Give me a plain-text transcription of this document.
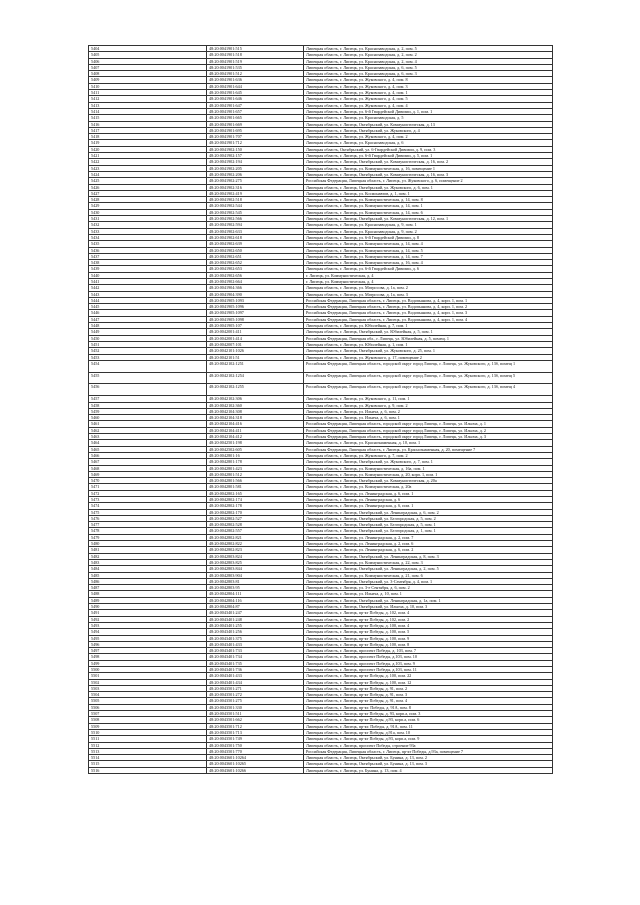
5404	48:20:0041901:515	Липецкая область, г. Липецк, ул. Краснозаводская, д. 2, пом. 5
5405	48:20:0041901:518	Липецкая область, г. Липецк, ул. Краснозаводская, д. 2, пом. 2
5406	48:20:0041901:519	Липецкая область, г. Липецк, ул. Краснозаводская, д. 2, пом. 4
5407	48:20:0041901:535	Липецкая область, г. Липецк, ул. Краснозаводская, д. 6, пом. 5
5408	48:20:0041901:512	Липецкая область, г. Липецк, ул. Краснозаводская, д. 6, пом. 3
5409	48:20:0041901:636	Липецкая область, г. Липецк, ул. Жуковского, д. 4, пом. 8
5410	48:20:0041901:644	Липецкая область, г. Липецк, ул. Жуковского, д. 4, пом. 3
5411	48:20:0041901:645	Липецкая область, г. Липецк, ул. Жуковского, д. 4, пом. 1
5412	48:20:0041901:646	Липецкая область, г. Липецк, ул. Жуковского, д. 4, пом. 5
5413	48:20:0041901:647	Липецкая область, г. Липецк, ул. Жуковского, д. 4, пом. 4
5414	48:20:0041901:657	Липецкая область, г. Липецк, ул. 6-й Гвардейской Дивизии, д. 1, пом. 1
5415	48:20:0041901:665	Липецкая область, г. Липецк, ул. Краснозаводская, д. 5
5416	48:20:0041901:669	Липецкая область, г. Липецк, Октябрьский, ул. Коммунистическая, д. 13
5417	48:20:0041901:695	Липецкая область, г. Липецк, Октябрьский, ул. Жуковского, д. 4
5418	48:20:0041901:707	Липецкая область, г. Липецк, ул. Жуковского, д. 4, пом. 2
5419	48:20:0041901:712	Липецкая область, г. Липецк, ул. Краснозаводская, д. 6
5420	48:20:0041902:150	Липецкая область, Октябрьский, ул. 6-Гвардейской Дивизии, д. 9, пом. 3
5421	48:20:0041902:157	Липецкая область, г. Липецк, ул. 6-й Гвардейской Дивизии, д. 5, пом. 1
5422	48:20:0041902:194	Липецкая область, г. Липецк, Октябрьский, ул. Коммунистическая, д. 16, пом. 2
5423	48:20:0041902:205	Липецкая область, г. Липецк, ул. Коммунистическая, д. 16, помещение 1
5424	48:20:0041902:206	Липецкая область, г. Липецк, Октябрьский, ул. Коммунистическая, д. 16, пом. 3
5425	48:20:0041902:275	Российская Федерация, Липецкая область, г. Липецк, ул. Жуковского, д. 6, помещение 2
5426	48:20:0041902:316	Липецкая область, г. Липецк, Октябрьский, ул. Жуковского, д. 6, пом. 1
5427	48:20:0041902:419	Липецкая область, г. Липецк, ул. Космонавтов, д. 1, пом. 1
5428	48:20:0041902:518	Липецкая область, г. Липецк, ул. Коммунистическая, д. 14, пом. 8
5429	48:20:0041902:544	Липецкая область, г. Липецк, ул. Коммунистическая, д. 14, пом. 1
5430	48:20:0041902:545	Липецкая область, г. Липецк, ул. Коммунистическая, д. 14, пом. 6
5431	48:20:0041902:566	Липецкая область, г. Липецк, Октябрьский, ул. Коммунистическая, д. 12, пом. 1
5432	48:20:0041902:594	Липецкая область, г. Липецк, ул. Краснозаводская, д. 9, пом. 1
5433	48:20:0041902:633	Липецкая область, г. Липецк, ул. Краснозаводская, д. 9, пом. 2
5434	48:20:0041902:618	Липецкая область, г. Липецк, ул. 6-й Гвардейской Дивизии, д. 8
5435	48:20:0041902:639	Липецкая область, г. Липецк, ул. Коммунистическая, д. 14, пом. 4
5436	48:20:0041902:650	Липецкая область, г. Липецк, ул. Коммунистическая, д. 14, пом. 5
5437	48:20:0041902:651	Липецкая область, г. Липецк, ул. Коммунистическая, д. 14, пом. 7
5438	48:20:0041902:652	Липецкая область, г. Липецк, ул. Коммунистическая, д. 16, пом. 4
5439	48:20:0041902:653	Липецкая область, г. Липецк, ул. 6-й Гвардейской Дивизии, д. 6
5440	48:20:0041902:656	г. Липецк, ул. Коммунистическая, д. 4
5441	48:20:0041902:664	г. Липецк, ул. Коммунистическая, д. 4
5442	48:20:0041904:366	Липецкая область, г. Липецк, ул. Матросова, д. 1a, пом. 2
5443	48:20:0041904:390	Липецкая область, г. Липецк, ул. Матросова, д. 1a, пом. 3
5444	48:20:0041905:1093	Российская Федерация, Липецкая область, г. Липецк, ул. Водопьянова, д. 4, корп. 1, пом. 1
5445	48:20:0041905:1096	Российская Федерация, Липецкая область, г. Липецк, ул. Водопьянова, д. 4, корп. 1, пом. 2
5446	48:20:0041905:1097	Российская Федерация, Липецкая область, г. Липецк, ул. Водопьянова, д. 4, корп. 1, пом. 3
5447	48:20:0041905:1098	Российская Федерация, Липецкая область, г. Липецк, ул. Водопьянова, д. 4, корп. 1, пом. 4
5448	48:20:0041905:107	Липецкая область, г. Липецк, ул. Юбилейная, д. 7, пом. 1
5449	48:20:0042001:411	Липецкая область, г. Липецк, Октябрьский, ул. Юбилейная, д. 5, пом. 1
5450	48:20:0042001:414	Российская Федерация, Липецкая обл., г. Липецк, ул. Юбилейная, д. 5, помещ. 1
5451	48:20:0042007:101	Липецкая область, г. Липецк, ул. Юбилейная, д. 1, пом. 1
5452	48:20:0042101:1026	Липецкая область, г. Липецк, Октябрьский, ул. Жуковского, д. 25, пом. 1
5453	48:20:0042101:51	Липецкая область, г. Липецк, ул. Жуковского, д. 17, помещение 2
5454	48:20:0042102:1251	Российская Федерация, Липецкая область, городской округ город Липецк, г. Липецк, ул. Жуковского, д. 13б, помещ 1
5455	48:20:0042102:1254	Российская Федерация, Липецкая область, городской округ город Липецк, г. Липецк, ул. Жуковского, д. 13б, помещ 5
5456	48:20:0042102:1255	Российская Федерация, Липецкая область, городской округ город Липецк, г. Липецк, ул. Жуковского, д. 13б, помещ 4
5457	48:20:0042102:306	Липецкая область, г. Липецк, ул. Жуковского, д. 11, пом. 1
5458	48:20:0042102:360	Липецкая область, г. Липецк, ул. Жуковского, д. 9, пом. 2
5459	48:20:0042104:308	Липецкая область, г. Липецк, ул. Ильича, д. 6, пом. 2
5460	48:20:0042104:318	Липецкая область, г. Липецк, ул. Ильича, д. 6, пом. 1
5461	48:20:0042104:416	Российская Федерация, Липецкая область, городской округ город Липецк, г. Липецк, ул. Ильича, д. 1
5462	48:20:0042104:411	Российская Федерация, Липецкая область, городской округ город Липецк, г. Липецк, ул. Ильича, д. 2
5463	48:20:0042104:412	Российская Федерация, Липецкая область, городской округ город Липецк, г. Липецк, ул. Ильича, д. 3
5464	48:20:0042501:198	Липецкая область, г. Липецк, ул. Краснознаменная, д. 10, пом. 1
5465	48:20:0042502:605	Российская Федерация, Липецкая область, г. Липецк, ул. Краснознаменная, д. 20, помещение 7
5466	48:20:0042801:16	Липецкая область, г. Липецк, ул. Жуковского, д. 7, пом. 2
5467	48:20:0042801:178	Липецкая область, г. Липецк, Октябрьский, ул. Жуковского, д. 7, пом. 1
5468	48:20:0042801:423	Липецкая область, г. Липецк, ул. Коммунистическая, д. 16a, пом. 1
5469	48:20:0042801:512	Липецкая область, г. Липецк, ул. Коммунистическая, д. 20, корп. 1, пом. 1
5470	48:20:0042801:566	Липецкая область, г. Липецк, Октябрьский, ул. Коммунистическая, д. 20a
5471	48:20:0042801:581	Липецкая область, г. Липецк, ул. Коммунистическая, д. 20a
5472	48:20:0042802:165	Липецкая область, г. Липецк, ул. Ленинградская, д. 6, пом. 1
5473	48:20:0042802:174	Липецкая область, г. Липецк, ул. Ленинградская, д. 6
5474	48:20:0042802:178	Липецкая область, г. Липецк, ул. Ленинградская, д. 6, пом. 1
5475	48:20:0042802:170	Липецкая область, г. Липецк, Октябрьский, ул. Ленинградская, д. 6, пом. 2
5476	48:20:0042802:527	Липецкая область, г. Липецк, Октябрьский, ул. Белгородская, д. 5, пом. 2
5477	48:20:0042802:528	Липецкая область, г. Липецк, Октябрьский, ул. Белгородская, д. 5, пом. 1
5478	48:20:0042802:557	Липецкая область, г. Липецк, Октябрьский, ул. Белгородская, д. 1, пом. 1
5479	48:20:0042802:821	Липецкая область, г. Липецк, ул. Ленинградская, д. 2, пом. 7
5480	48:20:0042802:822	Липецкая область, г. Липецк, ул. Ленинградская, д. 2, пом. 6
5481	48:20:0042802:823	Липецкая область, г. Липецк, ул. Ленинградская, д. 6, пом. 2
5482	48:20:0042803:824	Липецкая область, г. Липецк, Октябрьский, ул. Ленинградская, д. 8, пом. 3
5483	48:20:0042803:825	Липецкая область, г. Липецк, ул. Коммунистическая, д. 22, пом. 3
5484	48:20:0042803:844	Липецкая область, г. Липецк, Октябрьский, ул. Ленинградская, д. 2, пом. 5
5485	48:20:0042803:904	Липецкая область, г. Липецк, ул. Коммунистическая, д. 21, пом. 6
5486	48:20:0042803:81	Липецкая область, г. Липецк, Октябрьский, ул. 3-Сентября, д. 4, пом. 1
5487	48:20:0042803:95	Липецкая область, г. Липецк, ул. 3-е Сентября, д. 6, пом. 2
5488	48:20:0042804:111	Липецкая область, г. Липецк, ул. Ильича, д. 10, пом. 1
5489	48:20:0042804:116	Липецкая область, г. Липецк, Октябрьский, ул. Ленинградская, д. 1a, пом. 1
5490	48:20:0042804:87	Липецкая область, г. Липецк, Октябрьский, ул. Ильича, д. 10, пом. 3
5491	48:20:0043401:247	Липецкая область, г. Липецк, пр-кт Победы, д. 102, пом. 4
5492	48:20:0043401:248	Липецкая область, г. Липецк, пр-кт Победы, д. 102, пом. 2
5493	48:20:0043401:255	Липецкая область, г. Липецк, пр-кт Победы, д. 100, пом. 4
5494	48:20:0043401:256	Липецкая область, г. Липецк, пр-кт Победы, д. 100, пом. 5
5495	48:20:0043401:375	Липецкая область, г. Липецк, пр-кт Победы, д. 100, пом. 9
5496	48:20:0043401:433	Липецкая область, г. Липецк, пр-кт Победы, д. 100, пом. 8
5497	48:20:0043401:733	Липецкая область, г. Липецк, проспект Победы, д. 103, пом. 7
5498	48:20:0043401:734	Липецкая область, г. Липецк, проспект Победы, д.103, пом. 10
5499	48:20:0043401:735	Липецкая область, г. Липецк, проспект Победы, д.103, пом. 9
5500	48:20:0043401:736	Липецкая область, г. Липецк, проспект Победы, д.103, пом. 11
5501	48:20:0043401:433	Липецкая область, г. Липецк, пр-кт Победы, д. 100, пом. 22
5502	48:20:0043401:434	Липецкая область, г. Липецк, пр-кт Победы, д. 100, пом. 12
5503	48:20:0043501:271	Липецкая область, г. Липецк, пр-кт Победы, д. 91, пом. 2
5504	48:20:0043501:272	Липецкая область, г. Липецк, пр-кт Победы, д. 91, пом. 3
5505	48:20:0043501:275	Липецкая область, г. Липецк, пр-кт Победы, д. 91, пом. 4
5506	48:20:0043501:330	Липецкая область, г. Липецк, пр-кт. Победы, д. 91А, пом. 8
5507	48:20:0043501:511	Липецкая область, г. Липецк, пр-кт Победы, д. 93, корп.а, пом. 3
5508	48:20:0043501:662	Липецкая область, г. Липецк, пр-кт Победы, д.93, корп.а, пом. 6
5509	48:20:0043501:712	Липецкая область, г. Липецк, пр-кт. Победы, д. 91А, пом. 11
5510	48:20:0043501:713	Липецкая область, г. Липецк, пр-кт Победы, д.91а, пом. 10
5511	48:20:0043501:749	Липецкая область, г. Липецк, пр-кт Победы, д.93, корп.а, пом. 9
5512	48:20:0043501:750	Липецкая область, г. Липецк, проспект Победы, строение 93а
5513	48:20:0043501:770	Российская Федерация, Липецкая область, г. Липецк, пр-кт Победы, д.93а, помещение 7
5514	48:20:0043601:10264	Липецкая область, г. Липецк, Октябрьский, ул. Бунина, д. 13, пом. 2
5515	48:20:0043601:10265	Липецкая область, г. Липецк, Октябрьский, ул. Бунина, д. 13, пом. 3
5516	48:20:0043601:10266	Липецкая область, г. Липецк, ул. Бунина, д. 13, пом. 4
